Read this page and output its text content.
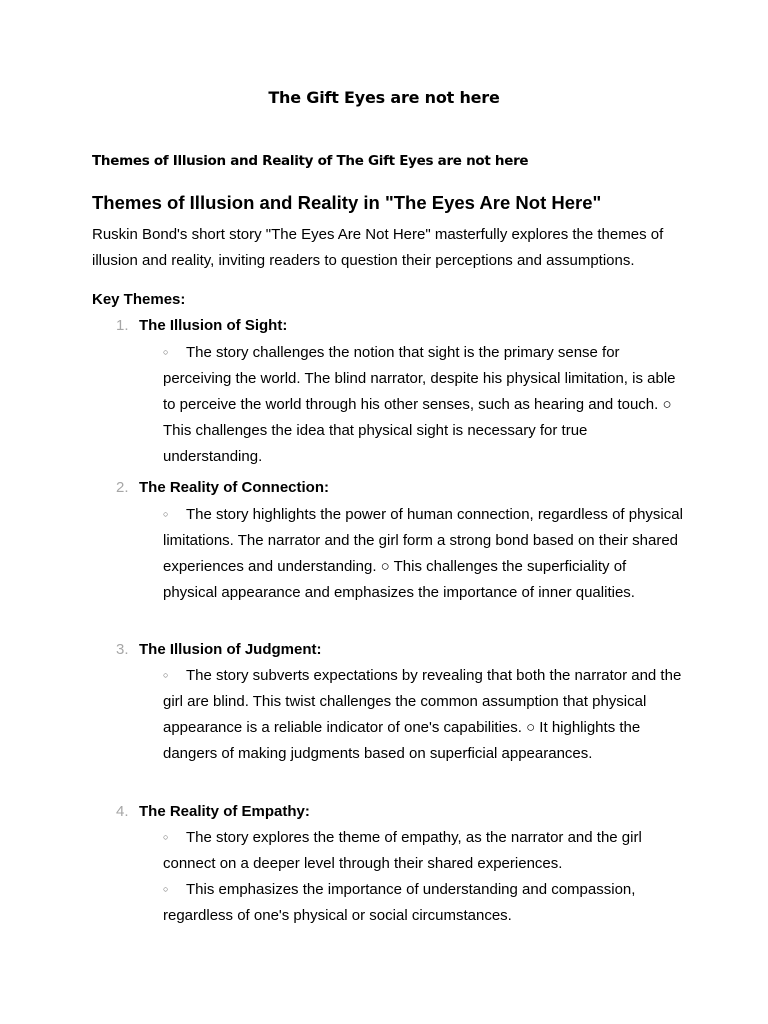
The Gift Eyes are not here
Themes of Illusion and Reality of The Gift Eyes are not here
Themes of Illusion and Reality in "The Eyes Are Not Here"

Ruskin Bond's short story "The Eyes Are Not Here" masterfully explores the themes of illusion and reality, inviting readers to question their perceptions and assumptions.

Key Themes:
1. The Illusion of Sight:

○ The story challenges the notion that sight is the primary sense for perceiving the world. The blind narrator, despite his physical limitation, is able to perceive the world through his other senses, such as hearing and touch. ○ This challenges the idea that physical sight is necessary for true understanding.

2. The Reality of Connection:

○ The story highlights the power of human connection, regardless of physical limitations. The narrator and the girl form a strong bond based on their shared experiences and understanding. ○ This challenges the superficiality of physical appearance and emphasizes the importance of inner qualities.

3. The Illusion of Judgment:

○ The story subverts expectations by revealing that both the narrator and the girl are blind. This twist challenges the common assumption that physical appearance is a reliable indicator of one's capabilities. ○ It highlights the dangers of making judgments based on superficial appearances.

4. The Reality of Empathy:

○ The story explores the theme of empathy, as the narrator and the girl connect on a deeper level through their shared experiences.

○ This emphasizes the importance of understanding and compassion, regardless of one's physical or social circumstances.
